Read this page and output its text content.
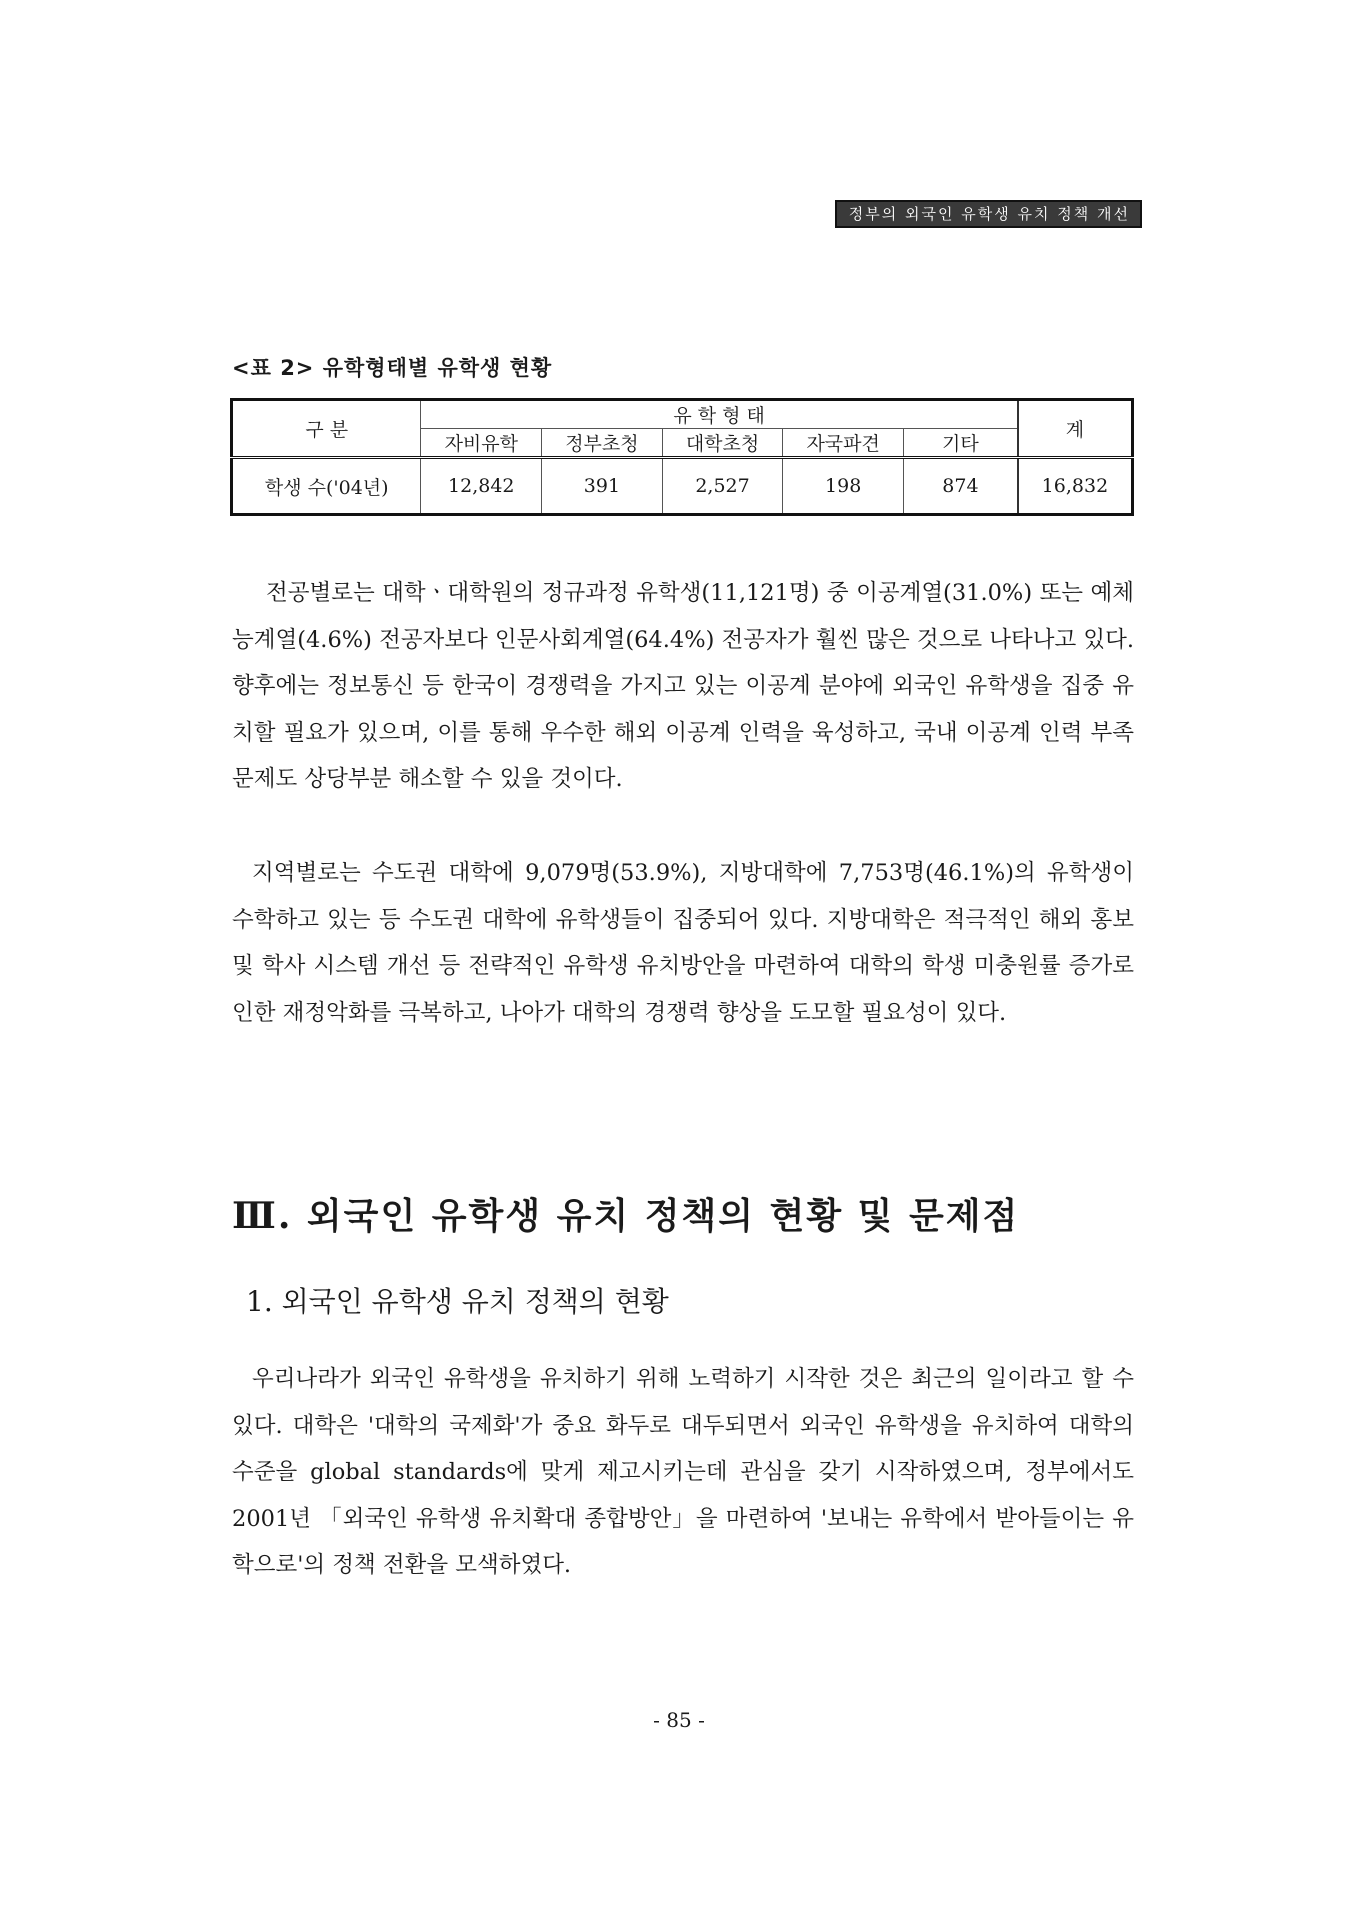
정부의 외국인 유학생 유치 정책 개선
<표 2> 유학형태별 유학생 현황
구 분	유 학 형 태					계
	자비유학	정부초청	대학초청	자국파견	기타	
학생 수('04년)	12,842	391	2,527	198	874	16,832

전공별로는 대학ㆍ대학원의 정규과정 유학생(11,121명) 중 이공계열(31.0%) 또는 예체능계열(4.6%) 전공자보다 인문사회계열(64.4%) 전공자가 훨씬 많은 것으로 나타나고 있다. 향후에는 정보통신 등 한국이 경쟁력을 가지고 있는 이공계 분야에 외국인 유학생을 집중 유치할 필요가 있으며, 이를 통해 우수한 해외 이공계 인력을 육성하고, 국내 이공계 인력 부족문제도 상당부분 해소할 수 있을 것이다.

지역별로는 수도권 대학에 9,079명(53.9%), 지방대학에 7,753명(46.1%)의 유학생이 수학하고 있는 등 수도권 대학에 유학생들이 집중되어 있다. 지방대학은 적극적인 해외 홍보 및 학사 시스템 개선 등 전략적인 유학생 유치방안을 마련하여 대학의 학생 미충원률 증가로 인한 재정악화를 극복하고, 나아가 대학의 경쟁력 향상을 도모할 필요성이 있다.

Ⅲ. 외국인 유학생 유치 정책의 현황 및 문제점
1. 외국인 유학생 유치 정책의 현황

우리나라가 외국인 유학생을 유치하기 위해 노력하기 시작한 것은 최근의 일이라고 할 수 있다. 대학은 '대학의 국제화'가 중요 화두로 대두되면서 외국인 유학생을 유치하여 대학의 수준을 global standards에 맞게 제고시키는데 관심을 갖기 시작하였으며, 정부에서도 2001년 「외국인 유학생 유치확대 종합방안」을 마련하여 '보내는 유학에서 받아들이는 유학으로'의 정책 전환을 모색하였다.

- 85 -
